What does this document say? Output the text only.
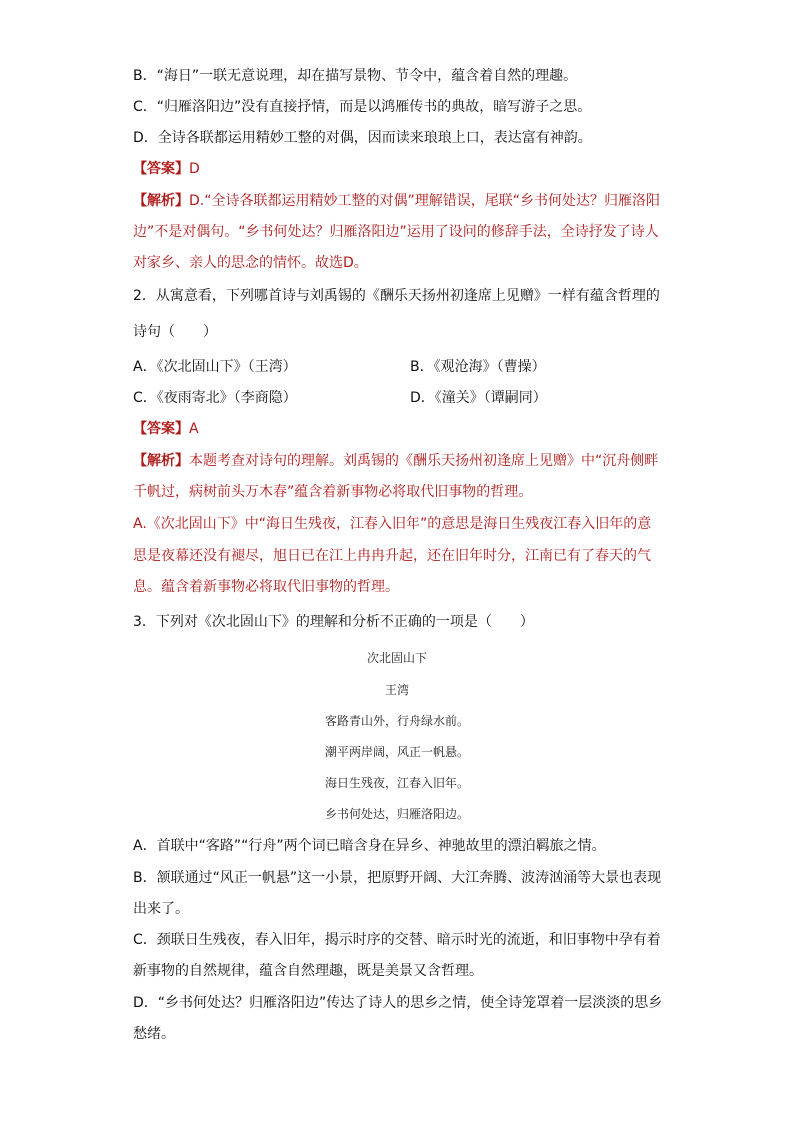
B．“海日”一联无意说理，却在描写景物、节令中，蕴含着自然的理趣。
C．“归雁洛阳边”没有直接抒情，而是以鸿雁传书的典故，暗写游子之思。
D．全诗各联都运用精妙工整的对偶，因而读来琅琅上口，表达富有神韵。
【答案】D
【解析】D.“全诗各联都运用精妙工整的对偶”理解错误，尾联“乡书何处达？归雁洛阳
边”不是对偶句。“乡书何处达？归雁洛阳边”运用了设问的修辞手法，全诗抒发了诗人
对家乡、亲人的思念的情怀。故选D。
2．从寓意看，下列哪首诗与刘禹锡的《酬乐天扬州初逢席上见赠》一样有蕴含哲理的
诗句（　　）
A．《次北固山下》（王湾）	B．《观沧海》（曹操）
C．《夜雨寄北》（李商隐）	D．《潼关》（谭嗣同）
【答案】A
【解析】本题考查对诗句的理解。刘禹锡的《酬乐天扬州初逢席上见赠》中“沉舟侧畔
千帆过，病树前头万木春”蕴含着新事物必将取代旧事物的哲理。
A.《次北固山下》中“海日生残夜，江春入旧年”的意思是海日生残夜江春入旧年的意
思是夜幕还没有褪尽，旭日已在江上冉冉升起，还在旧年时分，江南已有了春天的气
息。蕴含着新事物必将取代旧事物的哲理。
3．下列对《次北固山下》的理解和分析不正确的一项是（　　）
次北固山下
王湾
客路青山外，行舟绿水前。
潮平两岸阔，风正一帆悬。
海日生残夜，江春入旧年。
乡书何处达，归雁洛阳边。
A．首联中“客路”“行舟”两个词已暗含身在异乡、神驰故里的漂泊羁旅之情。
B．颔联通过“风正一帆悬”这一小景，把原野开阔、大江奔腾、波涛汹涌等大景也表现
出来了。
C．颈联日生残夜，春入旧年，揭示时序的交替、暗示时光的流逝，和旧事物中孕有着
新事物的自然规律，蕴含自然理趣，既是美景又含哲理。
D．“乡书何处达？归雁洛阳边”传达了诗人的思乡之情，使全诗笼罩着一层淡淡的思乡
愁绪。
